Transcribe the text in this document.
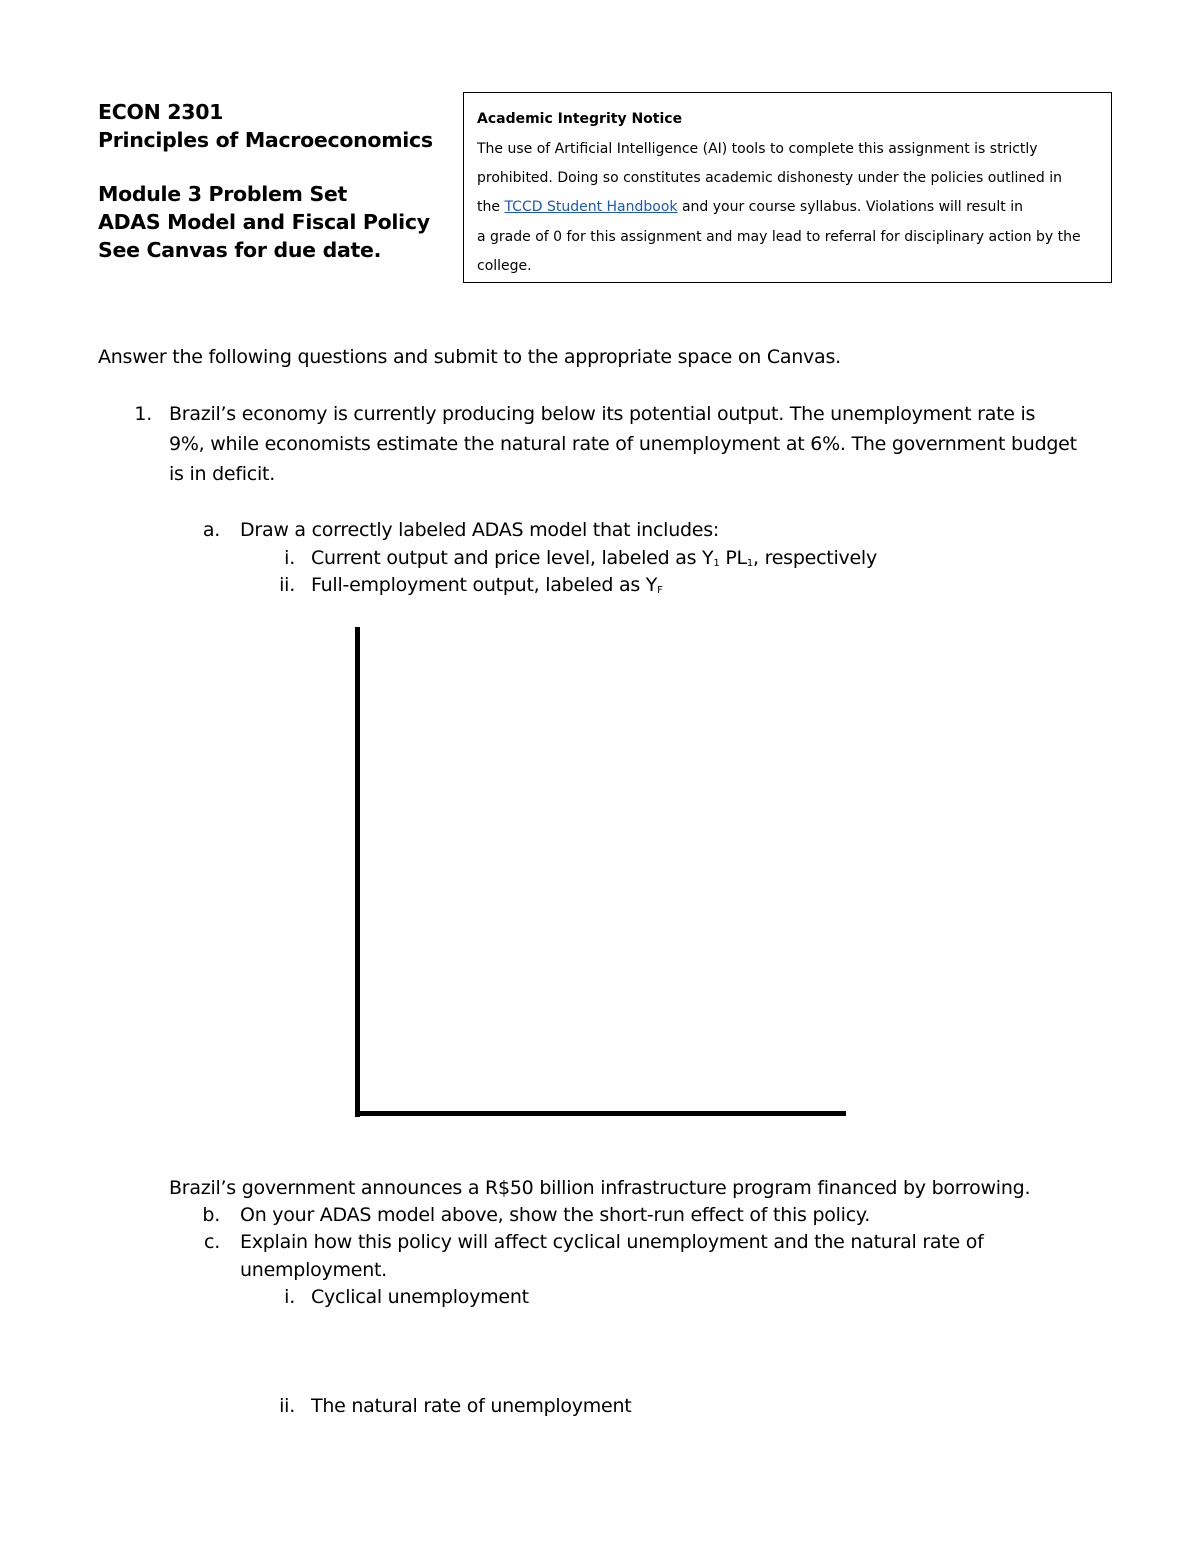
ECON 2301
Principles of Macroeconomics
Module 3 Problem Set
ADAS Model and Fiscal Policy
See Canvas for due date.
Academic Integrity Notice
The use of Artificial Intelligence (AI) tools to complete this assignment is strictly
prohibited. Doing so constitutes academic dishonesty under the policies outlined in
the TCCD Student Handbook and your course syllabus. Violations will result in
a grade of 0 for this assignment and may lead to referral for disciplinary action by the
college.
Answer the following questions and submit to the appropriate space on Canvas.
1. Brazil’s economy is currently producing below its potential output. The unemployment rate is
9%, while economists estimate the natural rate of unemployment at 6%. The government budget
is in deficit.
a. Draw a correctly labeled ADAS model that includes:
i. Current output and price level, labeled as $Y_1$ $PL_1$, respectively
ii. Full-employment output, labeled as $Y_F$
Brazil’s government announces a R$50 billion infrastructure program financed by borrowing.
b. On your ADAS model above, show the short-run effect of this policy.
c. Explain how this policy will affect cyclical unemployment and the natural rate of
unemployment.
i. Cyclical unemployment
ii. The natural rate of unemployment
